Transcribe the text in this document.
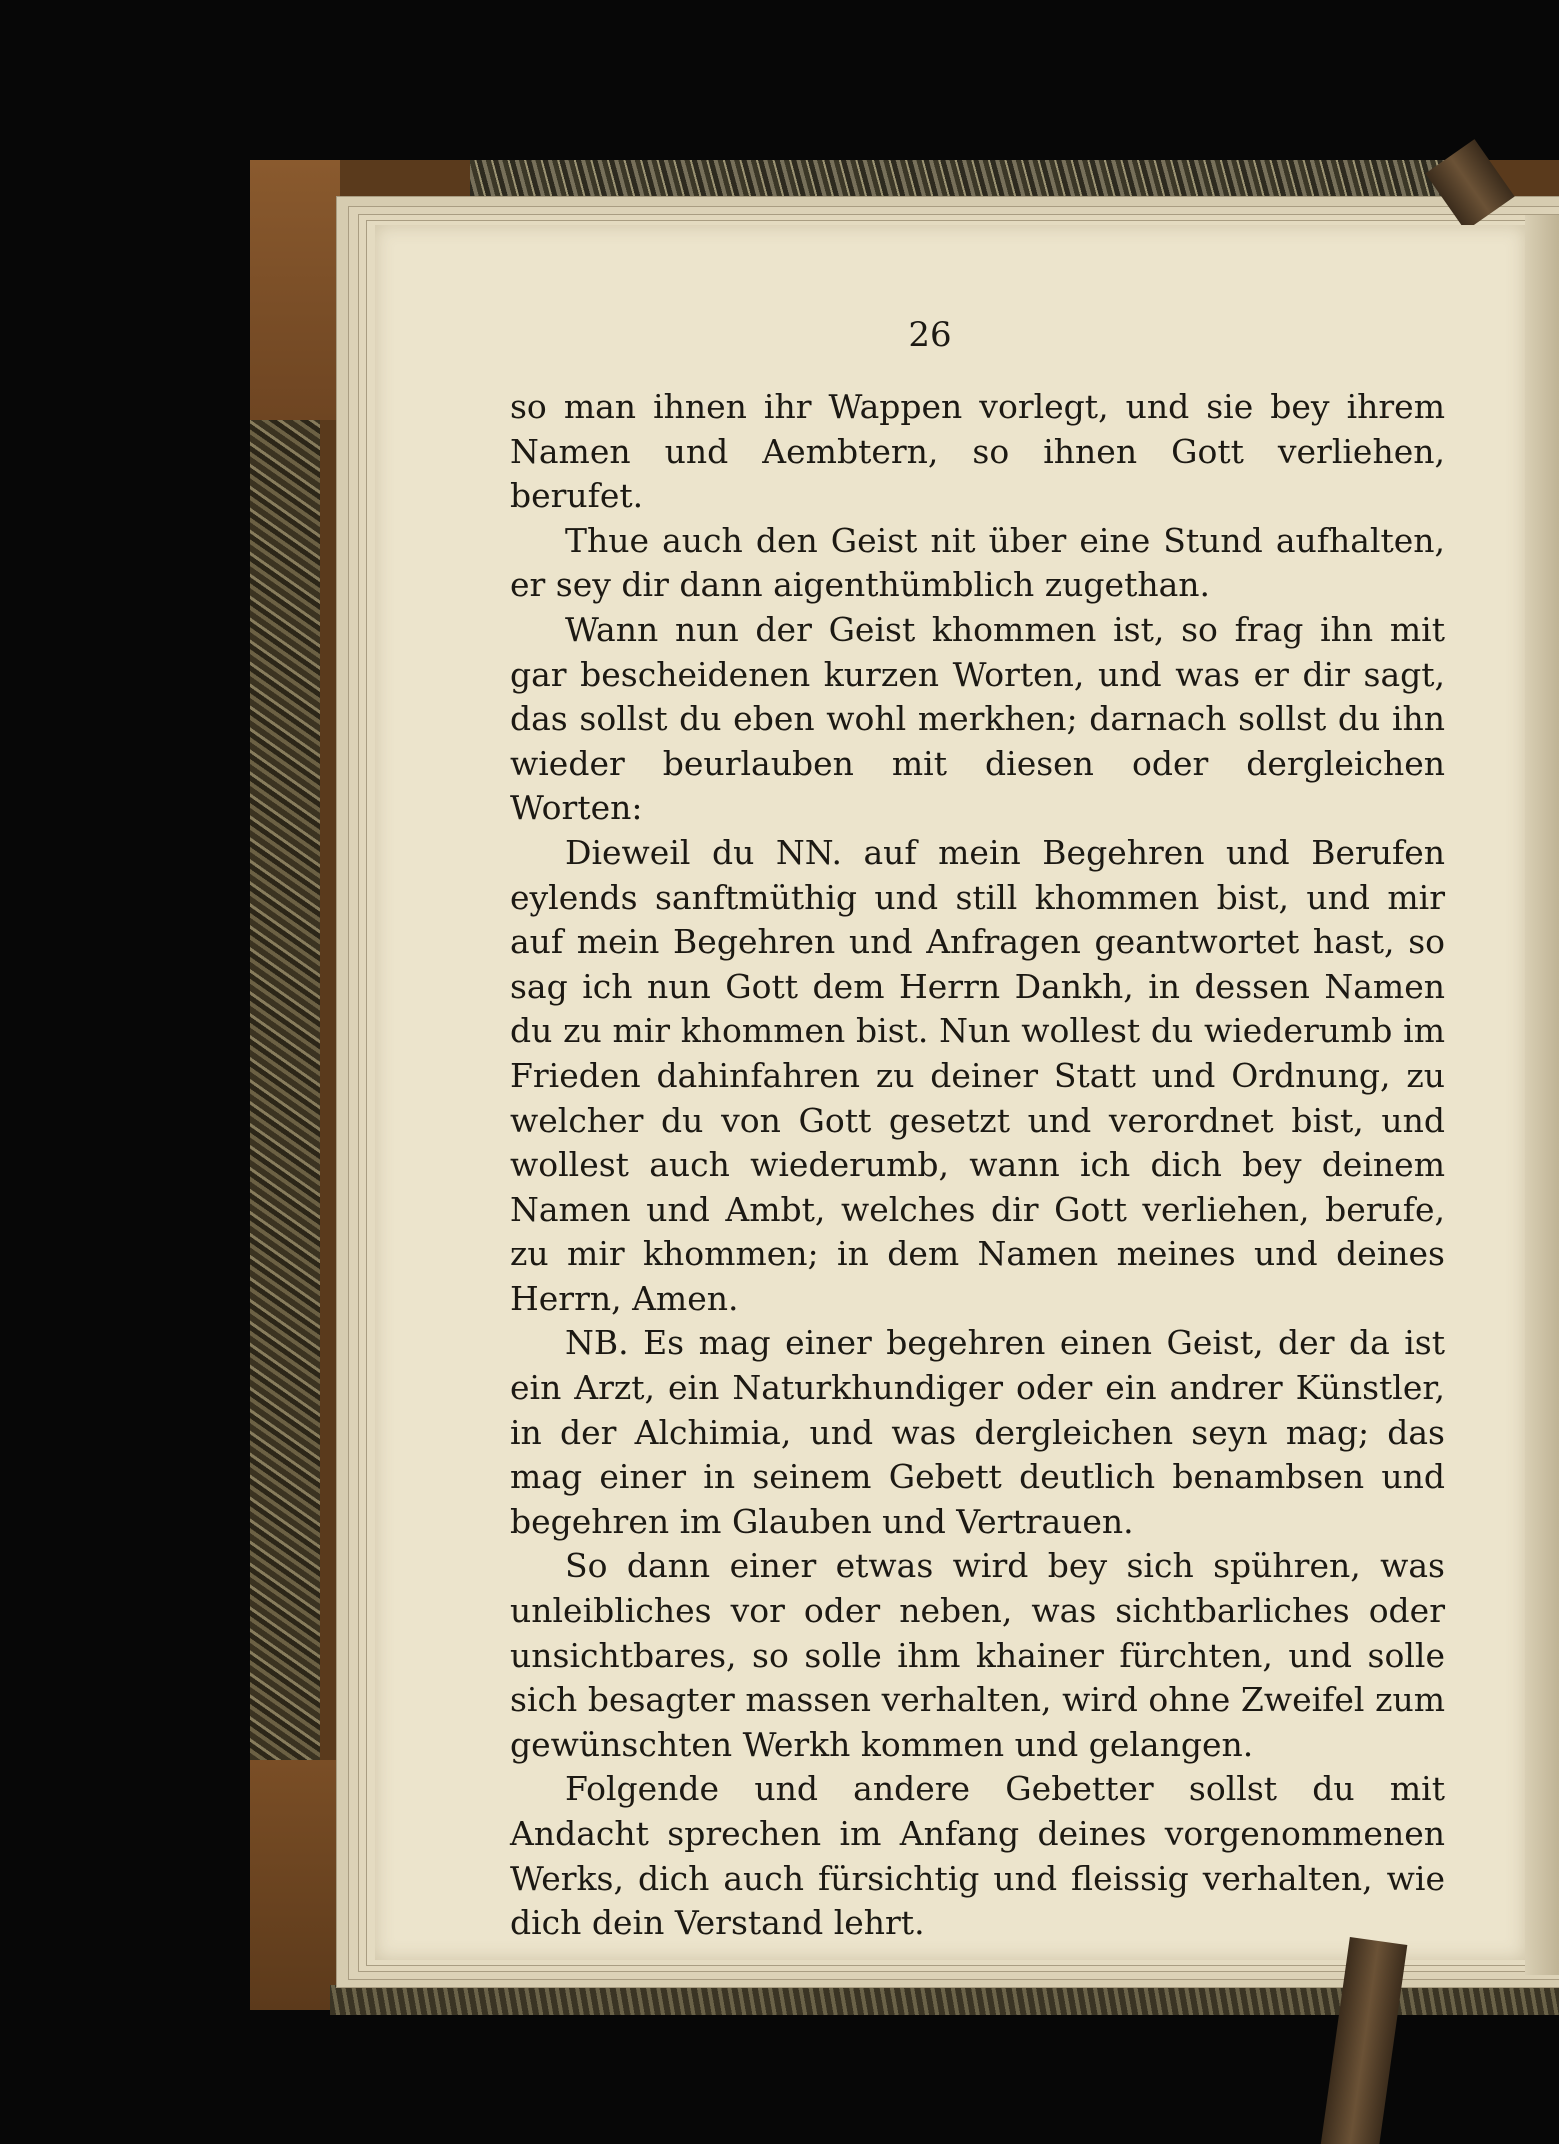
26

so man ihnen ihr Wappen vorlegt, und sie bey ihrem Namen und Aembtern, so ihnen Gott verliehen, berufet.

Thue auch den Geist nit über eine Stund aufhalten, er sey dir dann aigenthümblich zugethan.

Wann nun der Geist khommen ist, so frag ihn mit gar bescheidenen kurzen Worten, und was er dir sagt, das sollst du eben wohl merkhen; darnach sollst du ihn wieder beurlauben mit diesen oder dergleichen Worten:

Dieweil du NN. auf mein Begehren und Berufen eylends sanftmüthig und still khommen bist, und mir auf mein Begehren und Anfragen geantwortet hast, so sag ich nun Gott dem Herrn Dankh, in dessen Namen du zu mir khommen bist. Nun wollest du wiederumb im Frieden dahinfahren zu deiner Statt und Ordnung, zu welcher du von Gott gesetzt und verordnet bist, und wollest auch wiederumb, wann ich dich bey deinem Namen und Ambt, welches dir Gott verliehen, berufe, zu mir khommen; in dem Namen meines und deines Herrn, Amen.

NB. Es mag einer begehren einen Geist, der da ist ein Arzt, ein Naturkhundiger oder ein andrer Künstler, in der Alchimia, und was dergleichen seyn mag; das mag einer in seinem Gebett deutlich benambsen und begehren im Glauben und Vertrauen.

So dann einer etwas wird bey sich spühren, was unleibliches vor oder neben, was sichtbarliches oder unsichtbares, so solle ihm khainer fürchten, und solle sich besagter massen verhalten, wird ohne Zweifel zum gewünschten Werkh kommen und gelangen.

Folgende und andere Gebetter sollst du mit Andacht sprechen im Anfang deines vorgenommenen Werks, dich auch fürsichtig und fleissig verhalten, wie dich dein Verstand lehrt.
